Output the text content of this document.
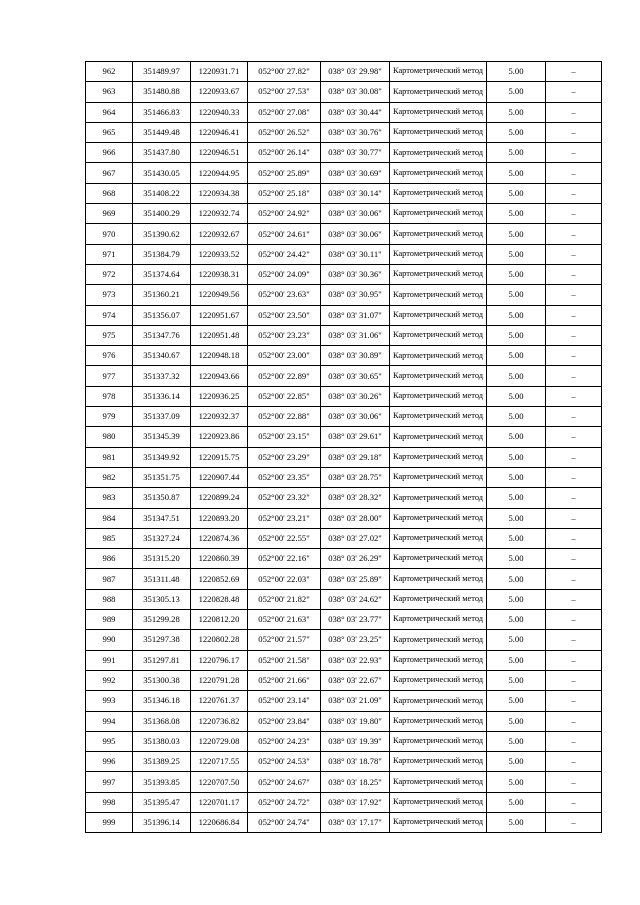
962	351489.97	1220931.71	052°00' 27.82"	038° 03' 29.98"	Картометрический метод	5.00	–
963	351480.88	1220933.67	052°00' 27.53"	038° 03' 30.08"	Картометрический метод	5.00	–
964	351466.83	1220940.33	052°00' 27.08"	038° 03' 30.44"	Картометрический метод	5.00	–
965	351449.48	1220946.41	052°00' 26.52"	038° 03' 30.76"	Картометрический метод	5.00	–
966	351437.80	1220946.51	052°00' 26.14"	038° 03' 30.77"	Картометрический метод	5.00	–
967	351430.05	1220944.95	052°00' 25.89"	038° 03' 30.69"	Картометрический метод	5.00	–
968	351408.22	1220934.38	052°00' 25.18"	038° 03' 30.14"	Картометрический метод	5.00	–
969	351400.29	1220932.74	052°00' 24.92"	038° 03' 30.06"	Картометрический метод	5.00	–
970	351390.62	1220932.67	052°00' 24.61"	038° 03' 30.06"	Картометрический метод	5.00	–
971	351384.79	1220933.52	052°00' 24.42"	038° 03' 30.11"	Картометрический метод	5.00	–
972	351374.64	1220938.31	052°00' 24.09"	038° 03' 30.36"	Картометрический метод	5.00	–
973	351360.21	1220949.56	052°00' 23.63"	038° 03' 30.95"	Картометрический метод	5.00	–
974	351356.07	1220951.67	052°00' 23.50"	038° 03' 31.07"	Картометрический метод	5.00	–
975	351347.76	1220951.48	052°00' 23.23"	038° 03' 31.06"	Картометрический метод	5.00	–
976	351340.67	1220948.18	052°00' 23.00"	038° 03' 30.89"	Картометрический метод	5.00	–
977	351337.32	1220943.66	052°00' 22.89"	038° 03' 30.65"	Картометрический метод	5.00	–
978	351336.14	1220936.25	052°00' 22.85"	038° 03' 30.26"	Картометрический метод	5.00	–
979	351337.09	1220932.37	052°00' 22.88"	038° 03' 30.06"	Картометрический метод	5.00	–
980	351345.39	1220923.86	052°00' 23.15"	038° 03' 29.61"	Картометрический метод	5.00	–
981	351349.92	1220915.75	052°00' 23.29"	038° 03' 29.18"	Картометрический метод	5.00	–
982	351351.75	1220907.44	052°00' 23.35"	038° 03' 28.75"	Картометрический метод	5.00	–
983	351350.87	1220899.24	052°00' 23.32"	038° 03' 28.32"	Картометрический метод	5.00	–
984	351347.51	1220893.20	052°00' 23.21"	038° 03' 28.00"	Картометрический метод	5.00	–
985	351327.24	1220874.36	052°00' 22.55"	038° 03' 27.02"	Картометрический метод	5.00	–
986	351315.20	1220860.39	052°00' 22.16"	038° 03' 26.29"	Картометрический метод	5.00	–
987	351311.48	1220852.69	052°00' 22.03"	038° 03' 25.89"	Картометрический метод	5.00	–
988	351305.13	1220828.48	052°00' 21.82"	038° 03' 24.62"	Картометрический метод	5.00	–
989	351299.28	1220812.20	052°00' 21.63"	038° 03' 23.77"	Картометрический метод	5.00	–
990	351297.38	1220802.28	052°00' 21.57"	038° 03' 23.25"	Картометрический метод	5.00	–
991	351297.81	1220796.17	052°00' 21.58"	038° 03' 22.93"	Картометрический метод	5.00	–
992	351300.38	1220791.28	052°00' 21.66"	038° 03' 22.67"	Картометрический метод	5.00	–
993	351346.18	1220761.37	052°00' 23.14"	038° 03' 21.09"	Картометрический метод	5.00	–
994	351368.08	1220736.82	052°00' 23.84"	038° 03' 19.80"	Картометрический метод	5.00	–
995	351380.03	1220729.08	052°00' 24.23"	038° 03' 19.39"	Картометрический метод	5.00	–
996	351389.25	1220717.55	052°00' 24.53"	038° 03' 18.78"	Картометрический метод	5.00	–
997	351393.85	1220707.50	052°00' 24.67"	038° 03' 18.25"	Картометрический метод	5.00	–
998	351395.47	1220701.17	052°00' 24.72"	038° 03' 17.92"	Картометрический метод	5.00	–
999	351396.14	1220686.84	052°00' 24.74"	038° 03' 17.17"	Картометрический метод	5.00	–
